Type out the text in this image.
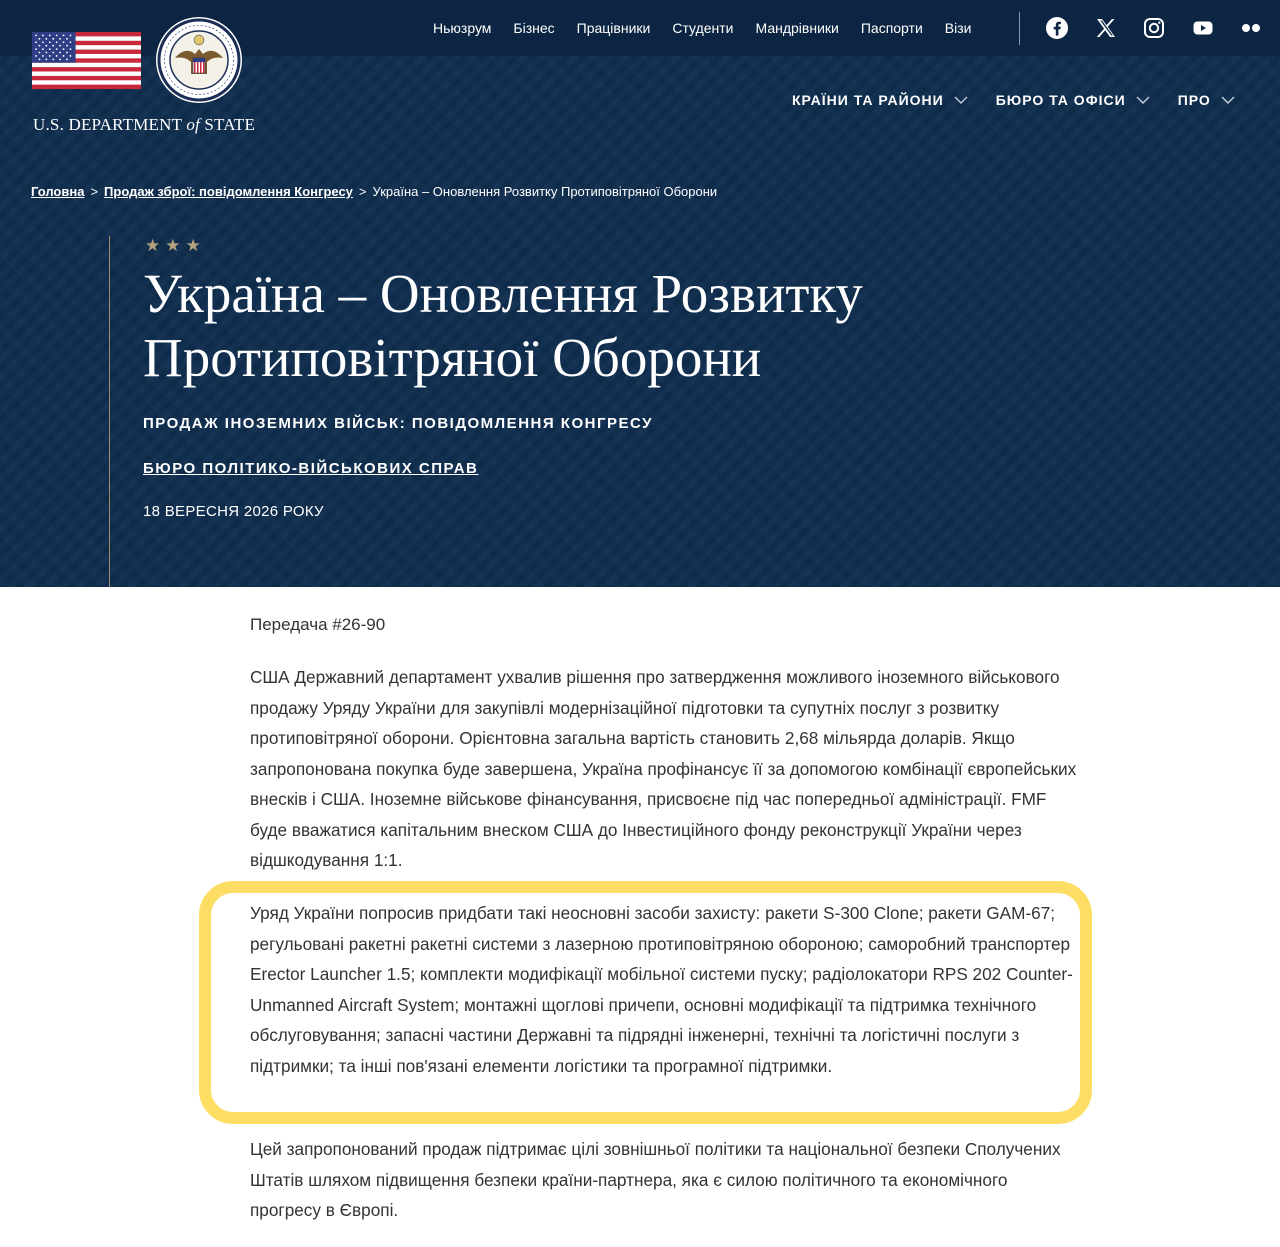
U.S. DEPARTMENT of STATE
Ньюзрум Бізнес Працівники Студенти Мандрівники Паспорти Візи
КРАЇНИ ТА РАЙОНИ	БЮРО ТА ОФІСИ	ПРО
Головна > Продаж зброї: повідомлення Конгресу > Україна – Оновлення Розвитку Протиповітряної Оборони
★★★
Україна – Оновлення Розвитку Протиповітряної Оборони
ПРОДАЖ ІНОЗЕМНИХ ВІЙСЬК: ПОВІДОМЛЕННЯ КОНГРЕСУ
БЮРО ПОЛІТИКО-ВІЙСЬКОВИХ СПРАВ
18 ВЕРЕСНЯ 2026 РОКУ

Передача #26-90

США Державний департамент ухвалив рішення про затвердження можливого іноземного військового продажу Уряду України для закупівлі модернізаційної підготовки та супутніх послуг з розвитку протиповітряної оборони. Орієнтовна загальна вартість становить 2,68 мільярда доларів. Якщо запропонована покупка буде завершена, Україна профінансує її за допомогою комбінації європейських внесків і США. Іноземне військове фінансування, присвоєне під час попередньої адміністрації. FMF буде вважатися капітальним внеском США до Інвестиційного фонду реконструкції України через відшкодування 1:1.

Уряд України попросив придбати такі неосновні засоби захисту: ракети S-300 Clone; ракети GAM-67; регульовані ракетні ракетні системи з лазерною протиповітряною обороною; саморобний транспортер Erector Launcher 1.5; комплекти модифікації мобільної системи пуску; радіолокатори RPS 202 Counter-Unmanned Aircraft System; монтажні щоглові причепи, основні модифікації та підтримка технічного обслуговування; запасні частини Державні та підрядні інженерні, технічні та логістичні послуги з підтримки; та інші пов'язані елементи логістики та програмної підтримки.

Цей запропонований продаж підтримає цілі зовнішньої політики та національної безпеки Сполучених Штатів шляхом підвищення безпеки країни-партнера, яка є силою політичного та економічного прогресу в Європі.
